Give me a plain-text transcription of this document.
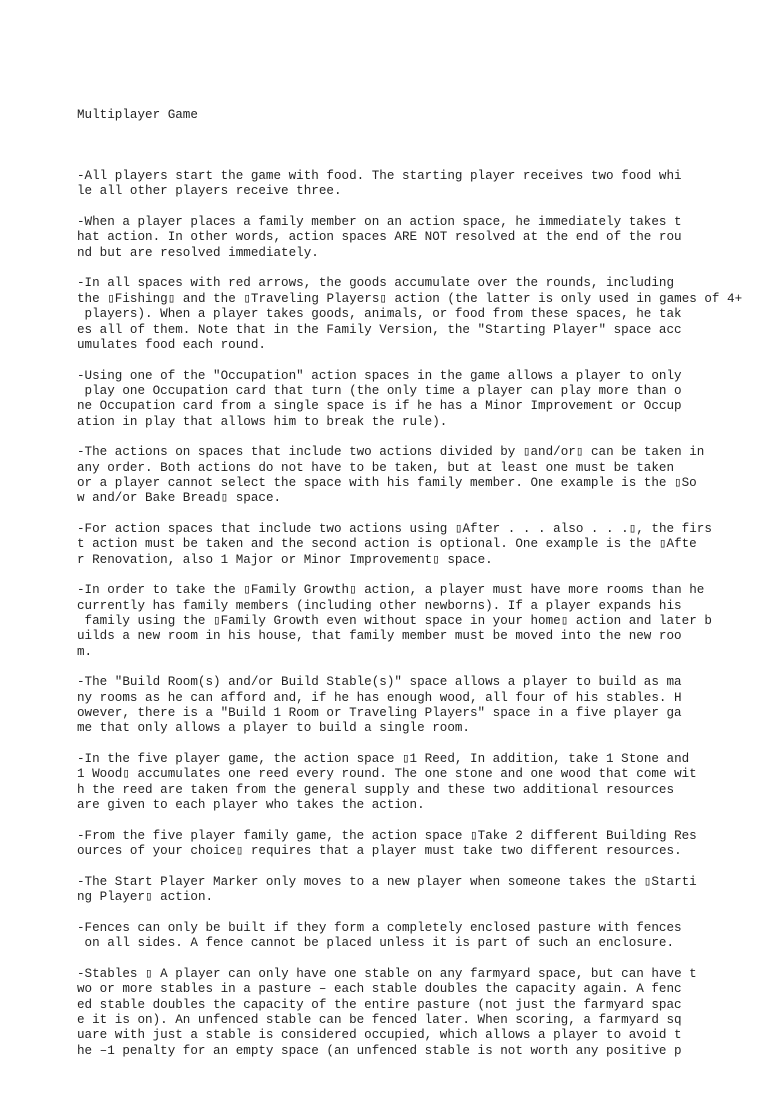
Multiplayer Game

-All players start the game with food. The starting player receives two food whi
le all other players receive three.
-When a player places a family member on an action space, he immediately takes t
hat action. In other words, action spaces ARE NOT resolved at the end of the rou
nd but are resolved immediately.
-In all spaces with red arrows, the goods accumulate over the rounds, including
the ▯Fishing▯ and the ▯Traveling Players▯ action (the latter is only used in games of 4+
players). When a player takes goods, animals, or food from these spaces, he tak
es all of them. Note that in the Family Version, the "Starting Player" space acc
umulates food each round.
-Using one of the "Occupation" action spaces in the game allows a player to only
play one Occupation card that turn (the only time a player can play more than o
ne Occupation card from a single space is if he has a Minor Improvement or Occup
ation in play that allows him to break the rule).
-The actions on spaces that include two actions divided by ▯and/or▯ can be taken in
any order. Both actions do not have to be taken, but at least one must be taken
or a player cannot select the space with his family member. One example is the ▯So
w and/or Bake Bread▯ space.
-For action spaces that include two actions using ▯After . . . also . . .▯, the firs
t action must be taken and the second action is optional. One example is the ▯Afte
r Renovation, also 1 Major or Minor Improvement▯ space.
-In order to take the ▯Family Growth▯ action, a player must have more rooms than he
currently has family members (including other newborns). If a player expands his
family using the ▯Family Growth even without space in your home▯ action and later b
uilds a new room in his house, that family member must be moved into the new roo
m.
-The "Build Room(s) and/or Build Stable(s)" space allows a player to build as ma
ny rooms as he can afford and, if he has enough wood, all four of his stables. H
owever, there is a "Build 1 Room or Traveling Players" space in a five player ga
me that only allows a player to build a single room.
-In the five player game, the action space ▯1 Reed, In addition, take 1 Stone and
1 Wood▯ accumulates one reed every round. The one stone and one wood that come wit
h the reed are taken from the general supply and these two additional resources
are given to each player who takes the action.
-From the five player family game, the action space ▯Take 2 different Building Res
ources of your choice▯ requires that a player must take two different resources.
-The Start Player Marker only moves to a new player when someone takes the ▯Starti
ng Player▯ action.
-Fences can only be built if they form a completely enclosed pasture with fences
on all sides. A fence cannot be placed unless it is part of such an enclosure.
-Stables ▯ A player can only have one stable on any farmyard space, but can have t
wo or more stables in a pasture – each stable doubles the capacity again. A fenc
ed stable doubles the capacity of the entire pasture (not just the farmyard spac
e it is on). An unfenced stable can be fenced later. When scoring, a farmyard sq
uare with just a stable is considered occupied, which allows a player to avoid t
he –1 penalty for an empty space (an unfenced stable is not worth any positive p
